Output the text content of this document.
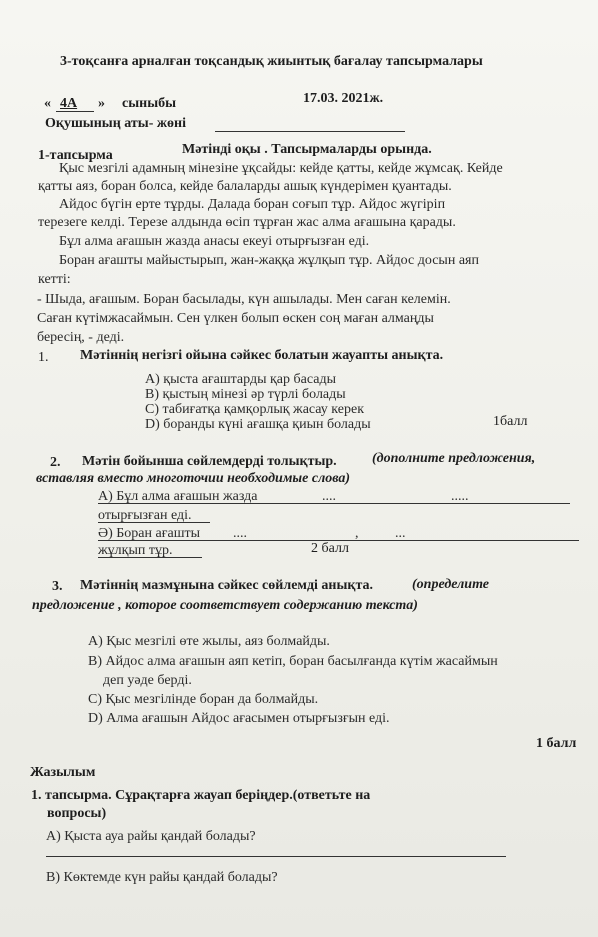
3-тоқсанға арналған тоқсандық жиынтық бағалау тапсырмалары
« 4А » сыныбы	17.03. 2021ж.
Оқушының аты- жөні
1-тапсырма	Мәтінді оқы . Тапсырмаларды орында.
Қыс мезгілі адамның мінезіне ұқсайды: кейде қатты, кейде жұмсақ. Кейде
қатты аяз, боран болса, кейде балаларды ашық күндерімен қуантады.
Айдос бүгін ерте тұрды. Далада боран соғып тұр. Айдос жүгіріп
терезеге келді. Терезе алдында өсіп тұрған жас алма ағашына қарады.
Бұл алма ағашын жазда анасы екеуі отырғызған еді.
Боран ағашты майыстырып, жан-жаққа жұлқып тұр. Айдос досын аяп
кетті:
- Шыда, ағашым. Боран басылады, күн ашылады. Мен саған келемін.
Саған күтімжасаймын. Сен үлкен болып өскен соң маған алмаңды
бересің, - деді.
1. Мәтіннің негізгі ойына сәйкес болатын жауапты анықта.
А) қыста ағаштарды қар басады
В) қыстың мінезі әр түрлі болады
С) табиғатқа қамқорлық жасау керек
D) боранды күні ағашқа қиын болады	1балл
2. Мәтін бойынша сөйлемдерді толықтыр.	(дополните предложения,
вставляя вместо многоточии необходимые слова)
А) Бұл алма ағашын жазда	....	.....
отырғызған еді.
Ә) Боран ағашты ....	,	...
жұлқып тұр.	2 балл
3. Мәтіннің мазмұнына сәйкес сөйлемді анықта.	(определите
предложение , которое соответствует содержанию текста)
А) Қыс мезгілі өте жылы, аяз болмайды.
В) Айдос алма ағашын аяп кетіп, боран басылғанда күтім жасаймын
деп уәде берді.
С) Қыс мезгілінде боран да болмайды.
D) Алма ағашын Айдос ағасымен отырғызғын еді.
1 балл
Жазылым
1. тапсырма. Сұрақтарға жауап беріңдер.(ответьте на
вопросы)
А) Қыста ауа райы қандай болады?
В) Көктемде күн райы қандай болады?
